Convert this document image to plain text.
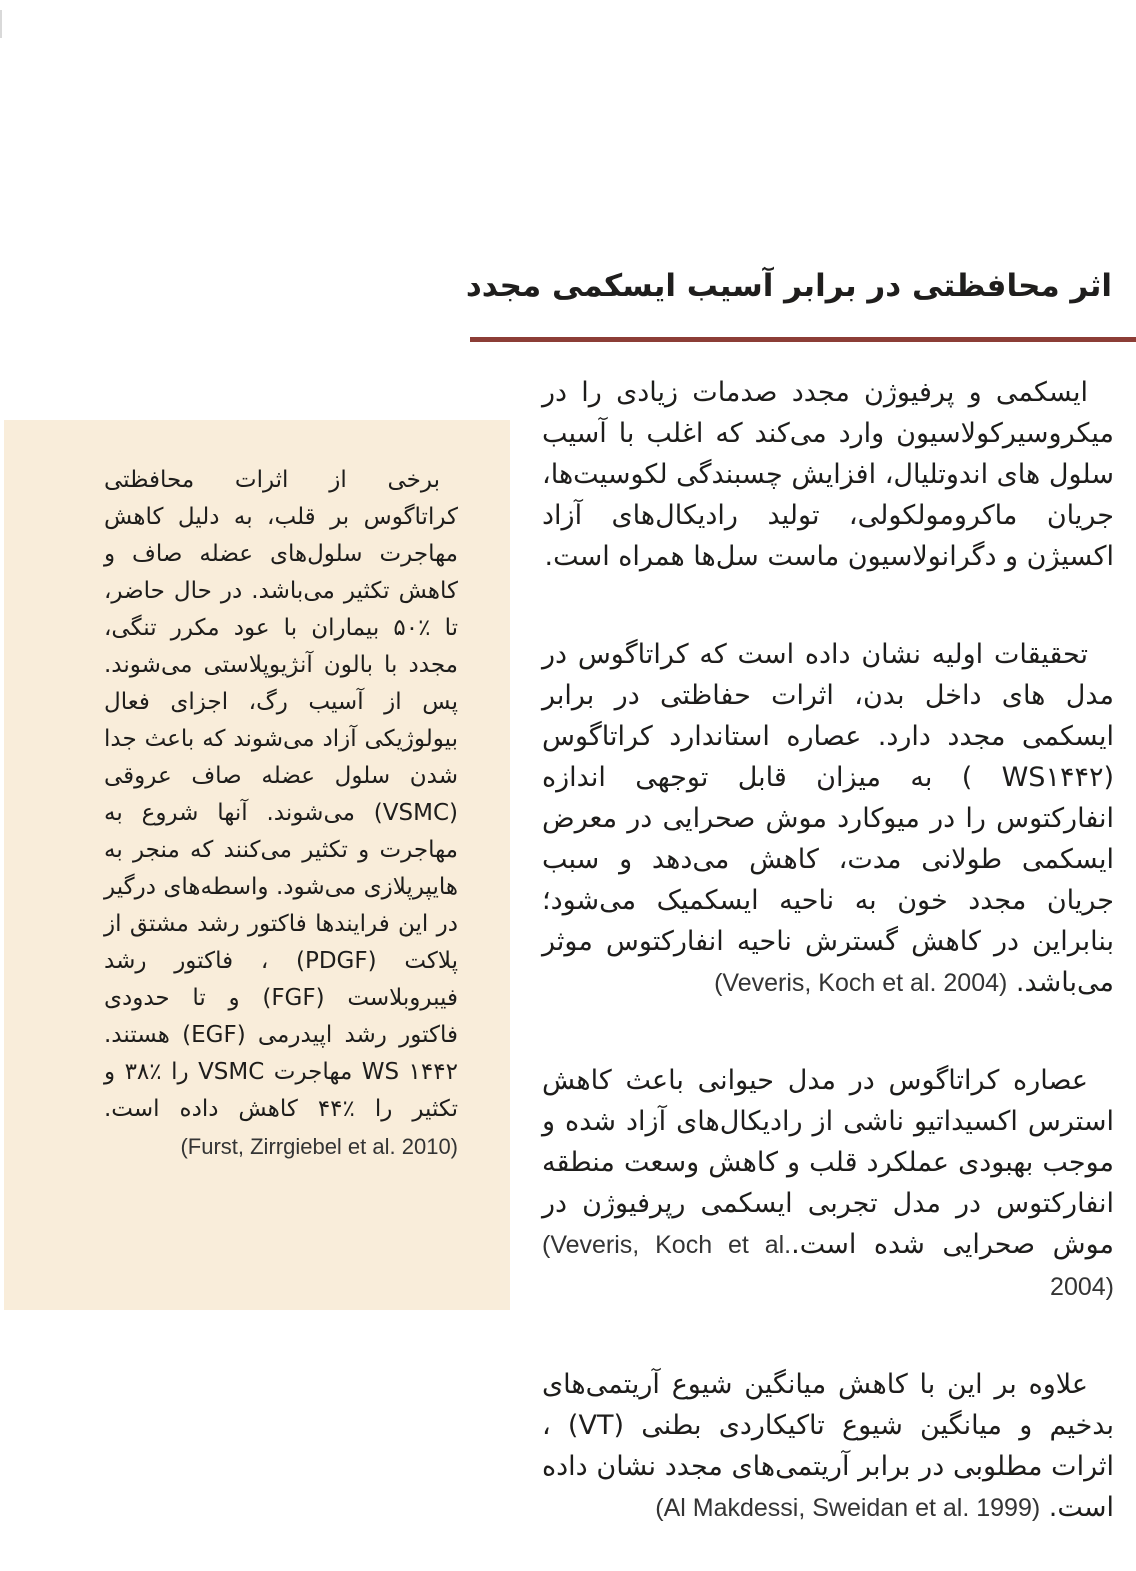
اثر محافظتی در برابر آسیب ایسکمی مجدد

ایسکمی و پرفیوژن مجدد صدمات زیادی را در میکروسیرکولاسیون وارد می‌کند که اغلب با آسیب سلول های اندوتلیال، افزایش چسبندگی لکوسیت‌ها، جریان ماکرومولکولی، تولید رادیکال‌های آزاد اکسیژن و دگرانولاسیون ماست سل‌ها همراه است.

تحقیقات اولیه نشان داده است که کراتاگوس در مدل های داخل بدن، اثرات حفاظتی در برابر ایسکمی مجدد دارد. عصاره استاندارد کراتاگوس (WS۱۴۴۲ ) به میزان قابل توجهی اندازه انفارکتوس را در میوکارد موش صحرایی در معرض ایسکمی طولانی مدت، کاهش می‌دهد و سبب جریان مجدد خون به ناحیه ایسکمیک می‌شود؛ بنابراین در کاهش گسترش ناحیه انفارکتوس موثر می‌باشد. (Veveris, Koch et al. 2004)

عصاره کراتاگوس در مدل حیوانی باعث کاهش استرس اکسیداتیو ناشی از رادیکال‌های آزاد شده و موجب بهبودی عملکرد قلب و کاهش وسعت منطقه انفارکتوس در مدل تجربی ایسکمی رپرفیوژن در موش صحرایی شده است.(Veveris, Koch et al. 2004)

علاوه بر این با کاهش میانگین شیوع آریتمی‌های بدخیم و میانگین شیوع تاکیکاردی بطنی (VT) ، اثرات مطلوبی در برابر آریتمی‌های مجدد نشان داده است. (Al Makdessi, Sweidan et al. 1999)

برخی از اثرات محافظتی کراتاگوس بر قلب، به دلیل کاهش مهاجرت سلول‌های عضله صاف و کاهش تکثیر می‌باشد. در حال حاضر، تا ٪۵۰ بیماران با عود مکرر تنگی، مجدد با بالون آنژیوپلاستی می‌شوند. پس از آسیب رگ، اجزای فعال بیولوژیکی آزاد می‌شوند که باعث جدا شدن سلول عضله صاف عروقی (VSMC) می‌شوند. آنها شروع به مهاجرت و تکثیر می‌کنند که منجر به هایپرپلازی می‌شود. واسطه‌های درگیر در این فرایندها فاکتور رشد مشتق از پلاکت (PDGF) ، فاکتور رشد فیبروبلاست (FGF) و تا حدودی فاکتور رشد اپیدرمی (EGF) هستند. WS ۱۴۴۲ مهاجرت VSMC را ٪۳۸ و تکثیر را ٪۴۴ کاهش داده است. (Furst, Zirrgiebel et al. 2010)
